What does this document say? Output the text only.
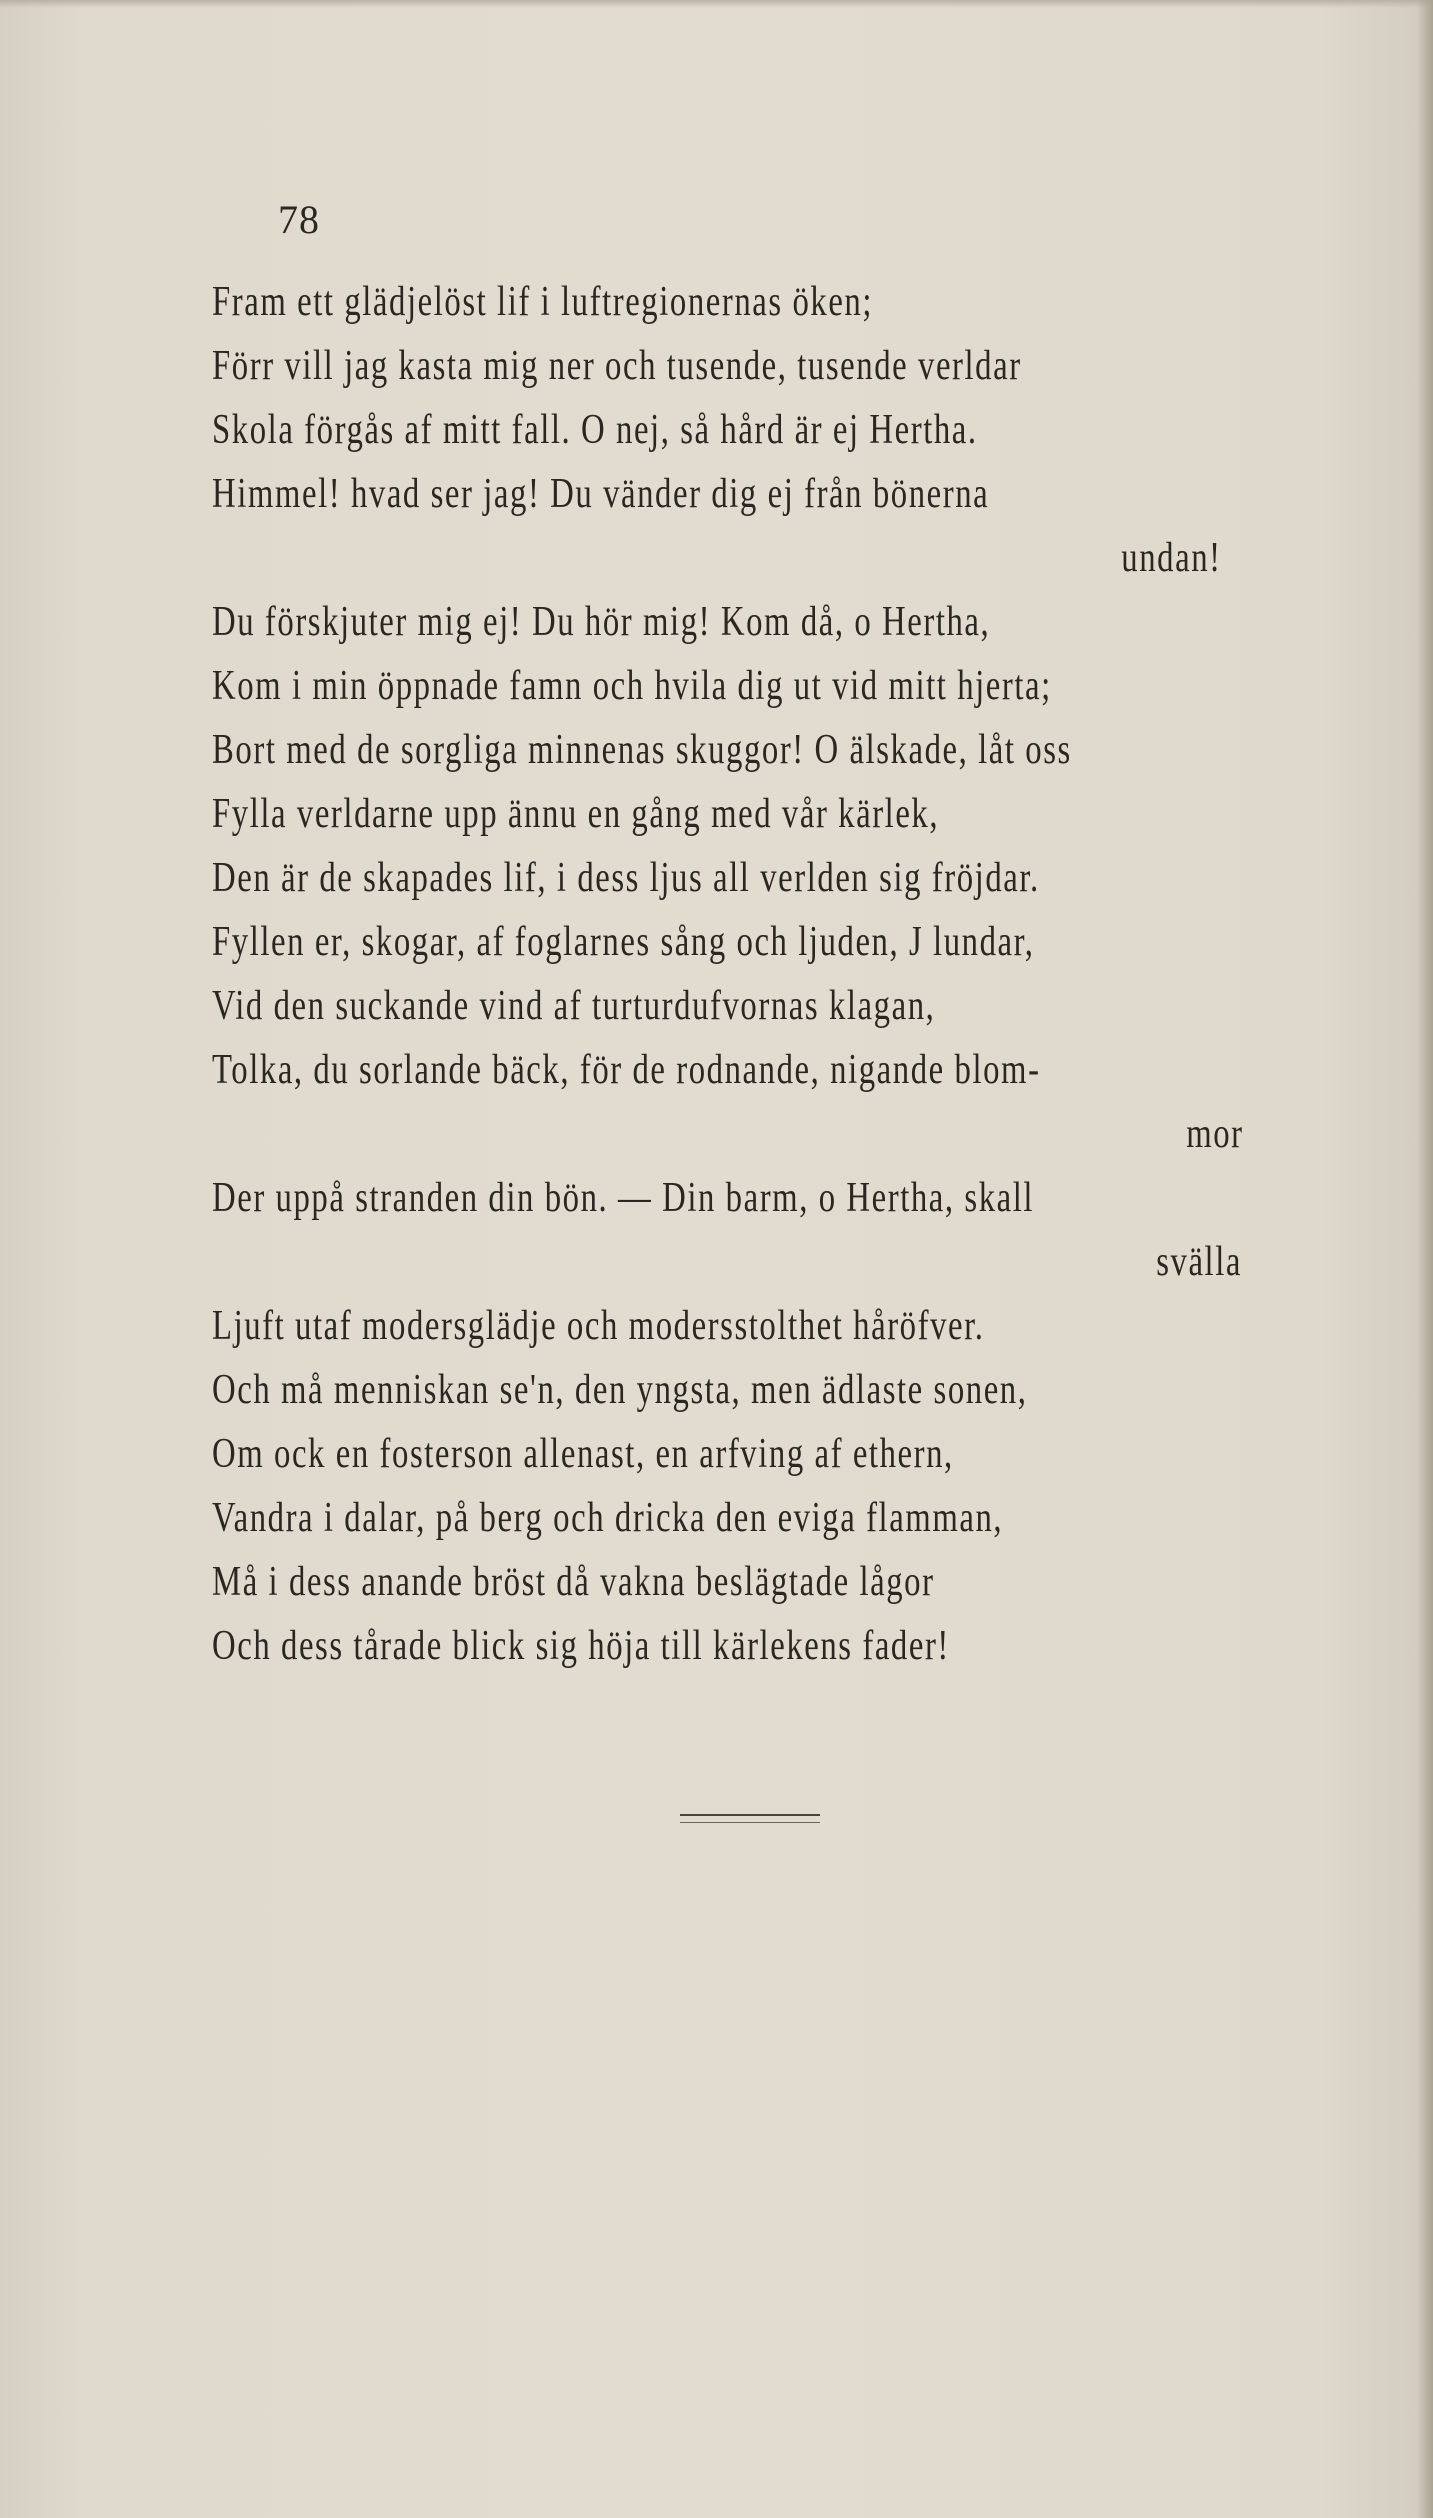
78
Fram ett glädjelöst lif i luftregionernas öken;
Förr vill jag kasta mig ner och tusende, tusende verldar
Skola förgås af mitt fall. O nej, så hård är ej Hertha.
Himmel! hvad ser jag! Du vänder dig ej från bönerna
undan!
Du förskjuter mig ej! Du hör mig! Kom då, o Hertha,
Kom i min öppnade famn och hvila dig ut vid mitt hjerta;
Bort med de sorgliga minnenas skuggor! O älskade, låt oss
Fylla verldarne upp ännu en gång med vår kärlek,
Den är de skapades lif, i dess ljus all verlden sig fröjdar.
Fyllen er, skogar, af foglarnes sång och ljuden, J lundar,
Vid den suckande vind af turturdufvornas klagan,
Tolka, du sorlande bäck, för de rodnande, nigande blom-
mor
Der uppå stranden din bön. — Din barm, o Hertha, skall
svälla
Ljuft utaf modersglädje och modersstolthet håröfver.
Och må menniskan se'n, den yngsta, men ädlaste sonen,
Om ock en fosterson allenast, en arfving af ethern,
Vandra i dalar, på berg och dricka den eviga flamman,
Må i dess anande bröst då vakna beslägtade lågor
Och dess tårade blick sig höja till kärlekens fader!
